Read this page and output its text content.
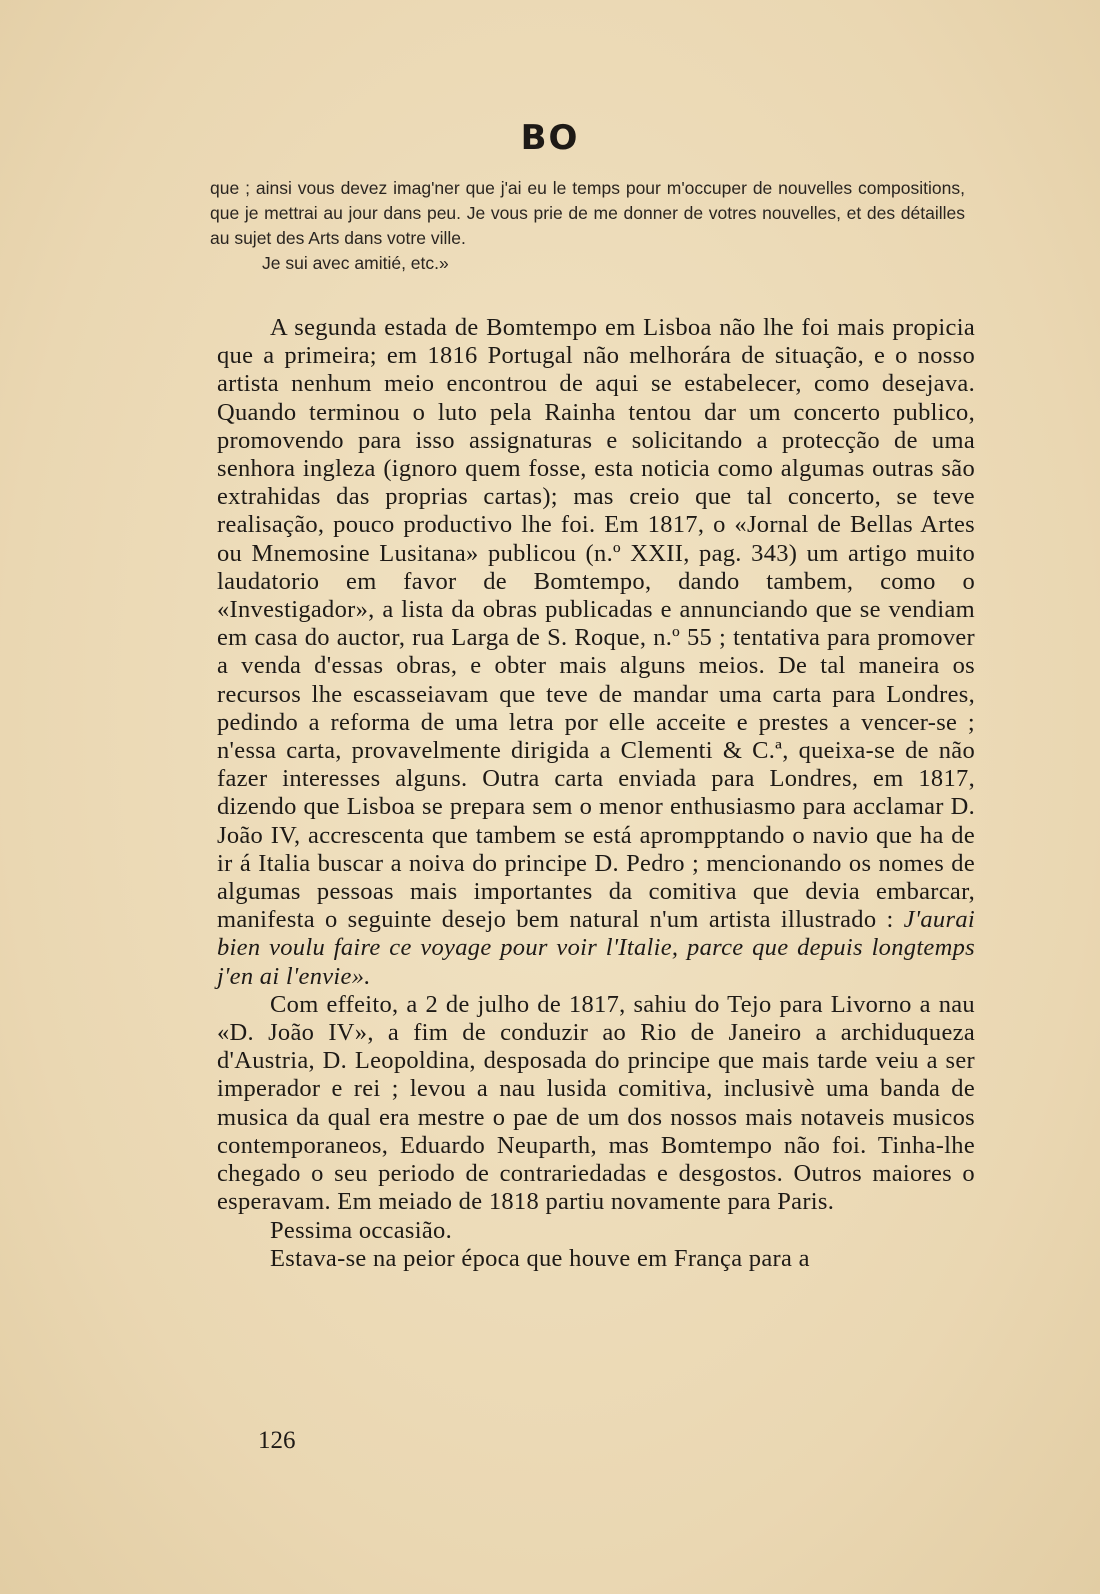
BO

que ; ainsi vous devez imag'ner que j'ai eu le temps pour m'occuper de nouvelles compositions, que je mettrai au jour dans peu. Je vous prie de me donner de votres nouvelles, et des détailles au sujet des Arts dans votre ville.

Je sui avec amitié, etc.»

A segunda estada de Bomtempo em Lisboa não lhe foi mais propicia que a primeira; em 1816 Portugal não melhorára de situação, e o nosso artista nenhum meio encontrou de aqui se estabelecer, como desejava. Quando terminou o luto pela Rainha tentou dar um concerto publico, promovendo para isso assignaturas e solicitando a protecção de uma senhora ingleza (ignoro quem fosse, esta noticia como algumas outras são extrahidas das proprias cartas); mas creio que tal concerto, se teve realisação, pouco productivo lhe foi. Em 1817, o «Jornal de Bellas Artes ou Mnemosine Lusitana» publicou (n.º XXII, pag. 343) um artigo muito laudatorio em favor de Bomtempo, dando tambem, como o «Investigador», a lista da obras publicadas e annunciando que se vendiam em casa do auctor, rua Larga de S. Roque, n.º 55 ; tentativa para promover a venda d'essas obras, e obter mais alguns meios. De tal maneira os recursos lhe escasseiavam que teve de mandar uma carta para Londres, pedindo a reforma de uma letra por elle acceite e prestes a vencer-se ; n'essa carta, provavelmente dirigida a Clementi & C.ª, queixa-se de não fazer interesses alguns. Outra carta enviada para Londres, em 1817, dizendo que Lisboa se prepara sem o menor enthusiasmo para acclamar D. João IV, accrescenta que tambem se está aprompptando o navio que ha de ir á Italia buscar a noiva do principe D. Pedro ; mencionando os nomes de algumas pessoas mais importantes da comitiva que devia embarcar, manifesta o seguinte desejo bem natural n'um artista illustrado : J'aurai bien voulu faire ce voyage pour voir l'Italie, parce que depuis longtemps j'en ai l'envie».

Com effeito, a 2 de julho de 1817, sahiu do Tejo para Livorno a nau «D. João IV», a fim de conduzir ao Rio de Janeiro a archiduqueza d'Austria, D. Leopoldina, desposada do principe que mais tarde veiu a ser imperador e rei ; levou a nau lusida comitiva, inclusivè uma banda de musica da qual era mestre o pae de um dos nossos mais notaveis musicos contemporaneos, Eduardo Neuparth, mas Bomtempo não foi. Tinha-lhe chegado o seu periodo de contrariedadas e desgostos. Outros maiores o esperavam. Em meiado de 1818 partiu novamente para Paris.

Pessima occasião.

Estava-se na peior época que houve em França para a

126
